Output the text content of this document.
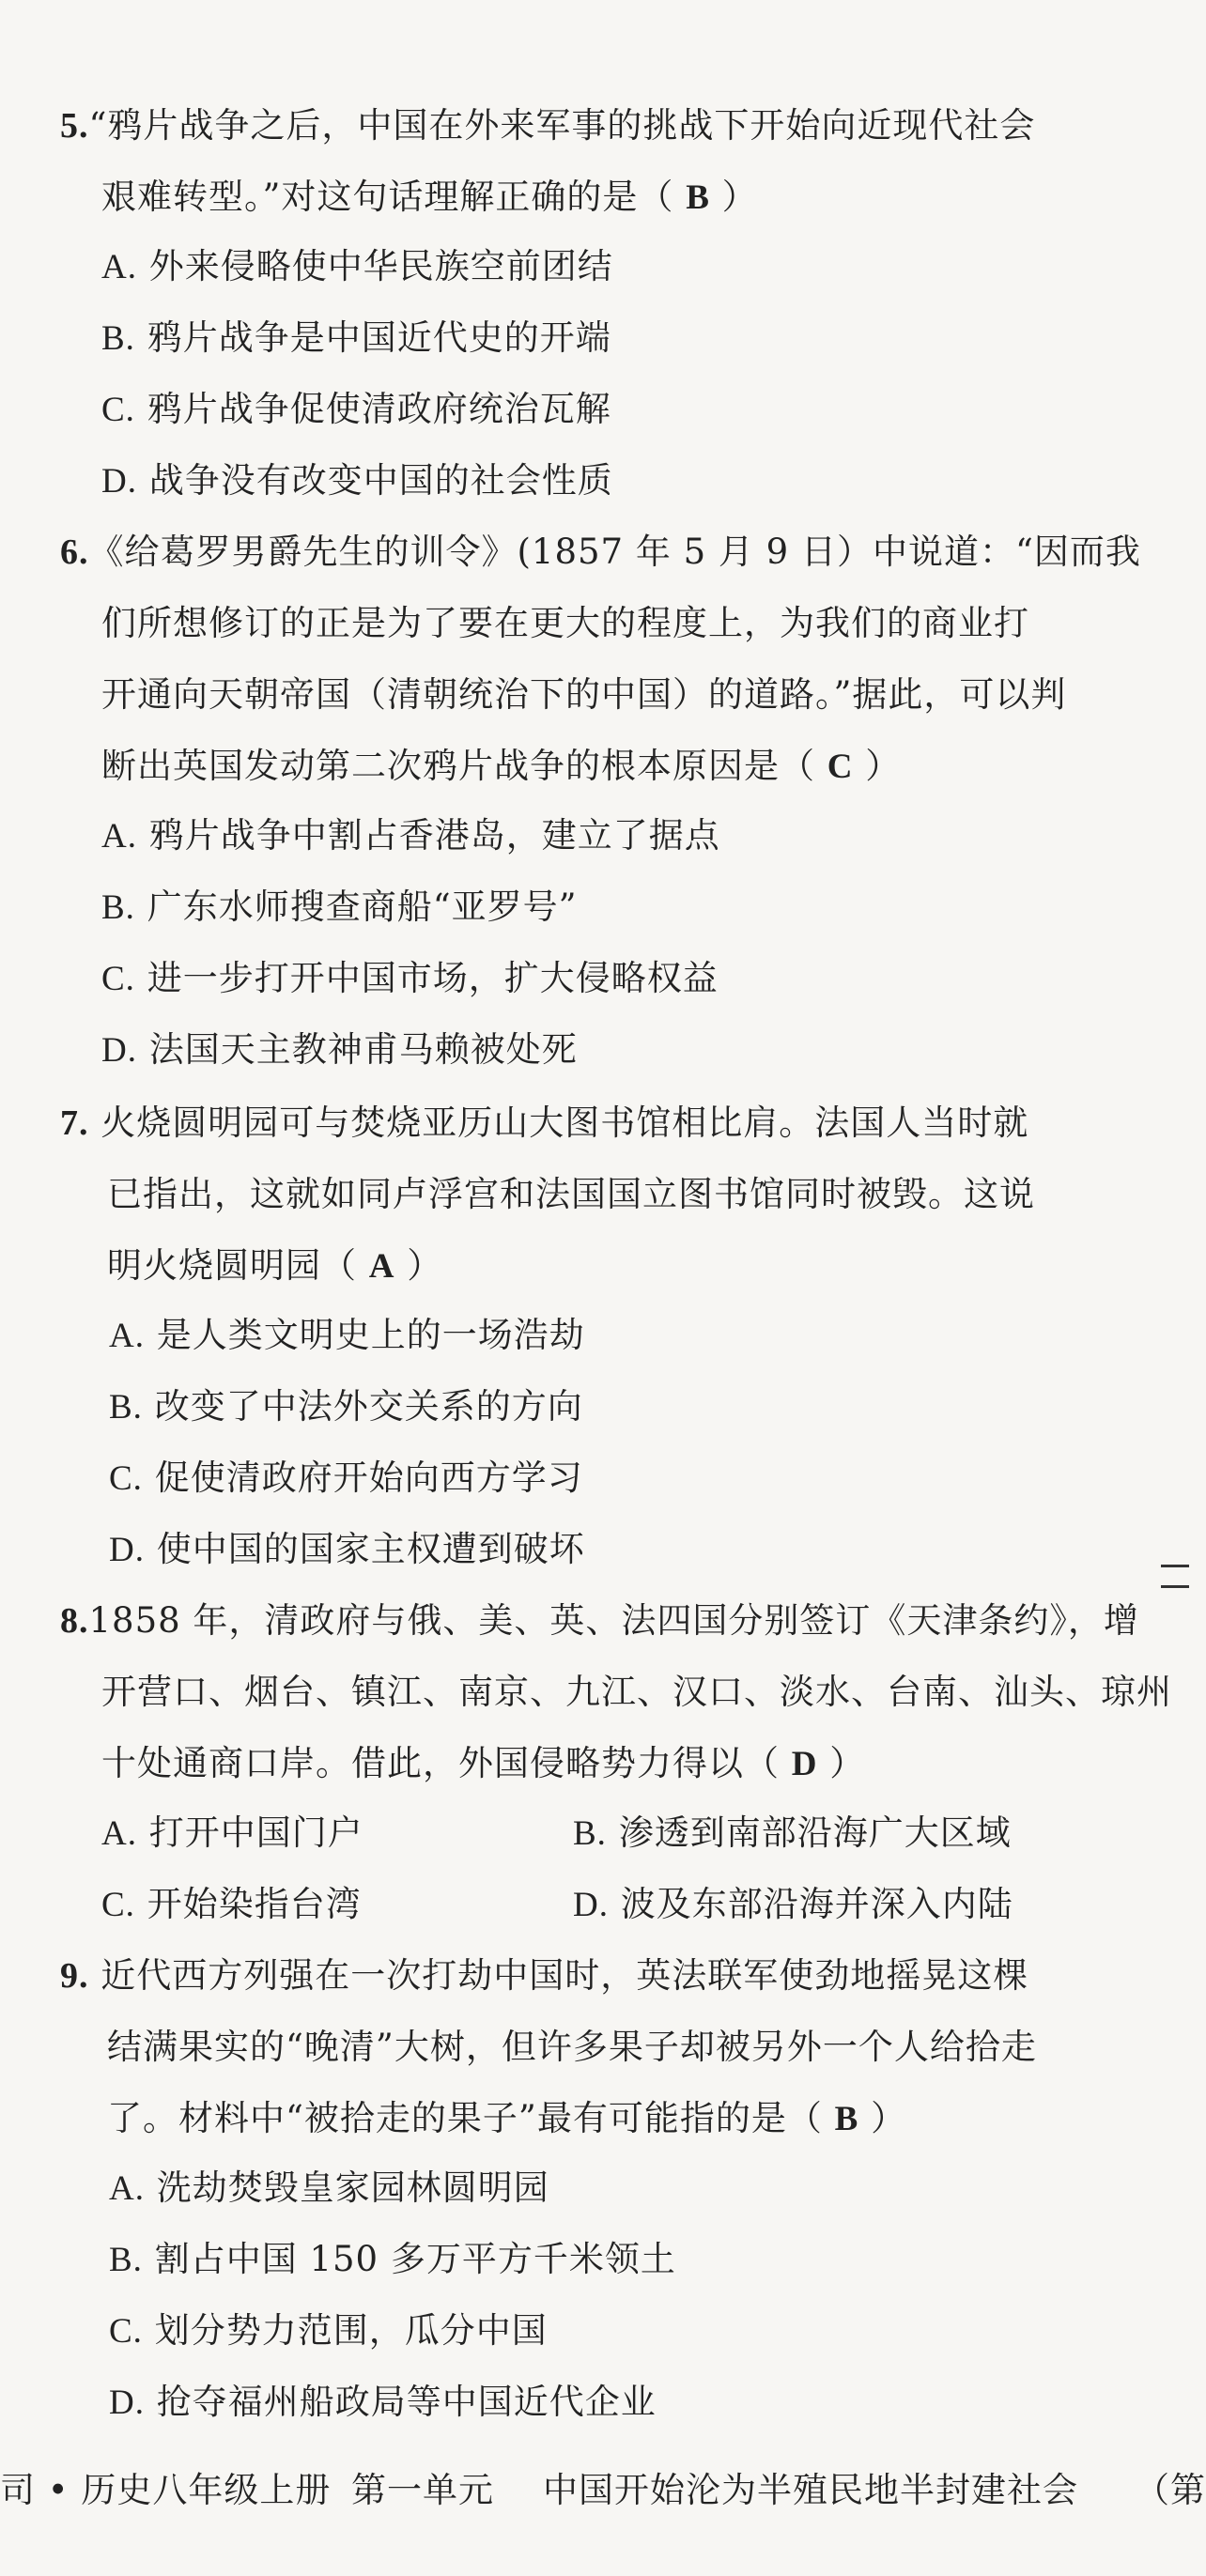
5.“鸦片战争之后，中国在外来军事的挑战下开始向近现代社会
艰难转型。”对这句话理解正确的是（ B ）
A. 外来侵略使中华民族空前团结
B. 鸦片战争是中国近代史的开端
C. 鸦片战争促使清政府统治瓦解
D. 战争没有改变中国的社会性质
6.《给葛罗男爵先生的训令》(1857 年 5 月 9 日）中说道：“因而我
们所想修订的正是为了要在更大的程度上，为我们的商业打
开通向天朝帝国（清朝统治下的中国）的道路。”据此，可以判
断出英国发动第二次鸦片战争的根本原因是（ C ）
A. 鸦片战争中割占香港岛，建立了据点
B. 广东水师搜查商船“亚罗号”
C. 进一步打开中国市场，扩大侵略权益
D. 法国天主教神甫马赖被处死
7. 火烧圆明园可与焚烧亚历山大图书馆相比肩。法国人当时就
已指出，这就如同卢浮宫和法国国立图书馆同时被毁。这说
明火烧圆明园（ A ）
A. 是人类文明史上的一场浩劫
B. 改变了中法外交关系的方向
C. 促使清政府开始向西方学习
D. 使中国的国家主权遭到破坏
8.1858 年，清政府与俄、美、英、法四国分别签订《天津条约》，增
开营口、烟台、镇江、南京、九江、汉口、淡水、台南、汕头、琼州
十处通商口岸。借此，外国侵略势力得以（ D ）
A. 打开中国门户	B. 渗透到南部沿海广大区域
C. 开始染指台湾	D. 波及东部沿海并深入内陆
9. 近代西方列强在一次打劫中国时，英法联军使劲地摇晃这棵
结满果实的“晚清”大树，但许多果子却被另外一个人给拾走
了。材料中“被拾走的果子”最有可能指的是（ B ）
A. 洗劫焚毁皇家园林圆明园
B. 割占中国 150 多万平方千米领土
C. 划分势力范围，瓜分中国
D. 抢夺福州船政局等中国近代企业
司 • 历史八年级上册 第一单元 中国开始沦为半殖民地半封建社会 （第
